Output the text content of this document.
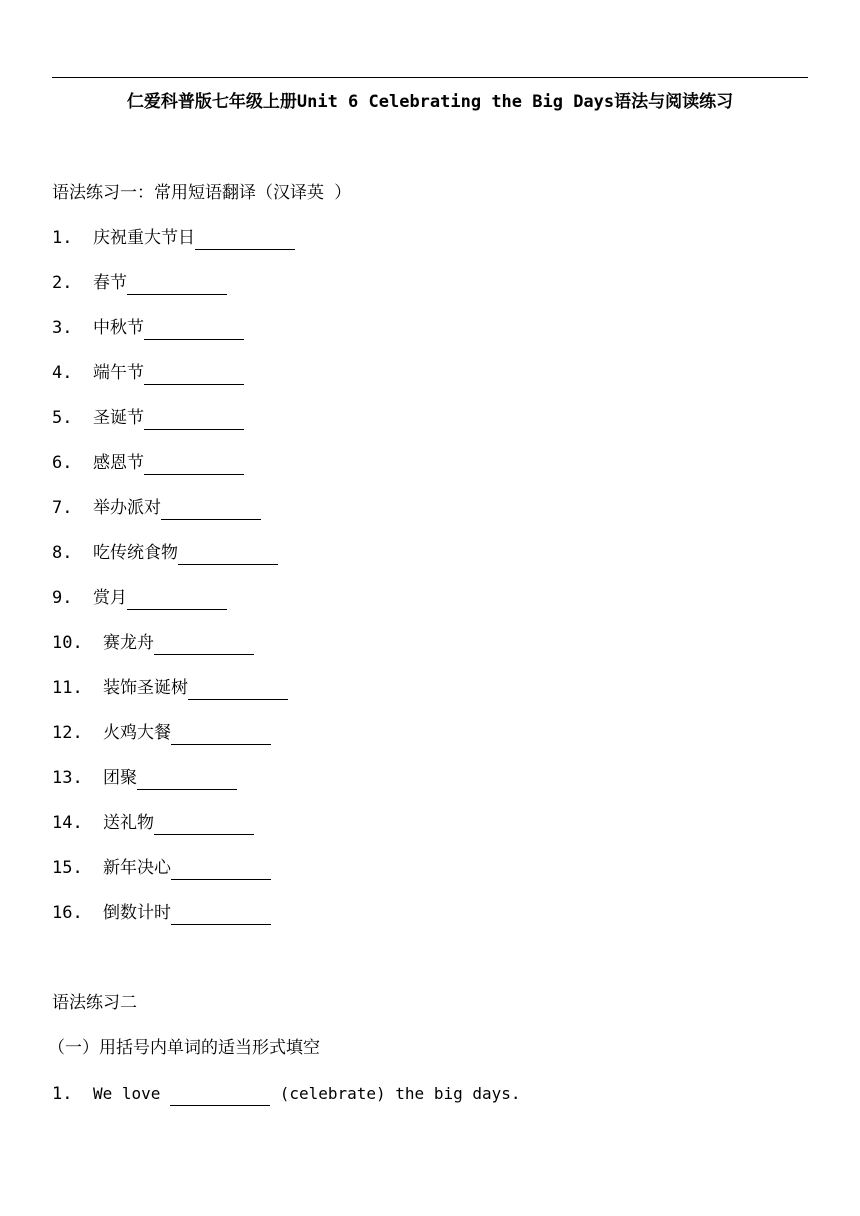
仁爱科普版七年级上册Unit 6 Celebrating the Big Days语法与阅读练习
语法练习一：常用短语翻译（汉译英 ）
1. 庆祝重大节日
2. 春节
3. 中秋节
4. 端午节
5. 圣诞节
6. 感恩节
7. 举办派对
8. 吃传统食物
9. 赏月
10. 赛龙舟
11. 装饰圣诞树
12. 火鸡大餐
13. 团聚
14. 送礼物
15. 新年决心
16. 倒数计时
语法练习二
（一）用括号内单词的适当形式填空
1. We love	(celebrate) the big days.
